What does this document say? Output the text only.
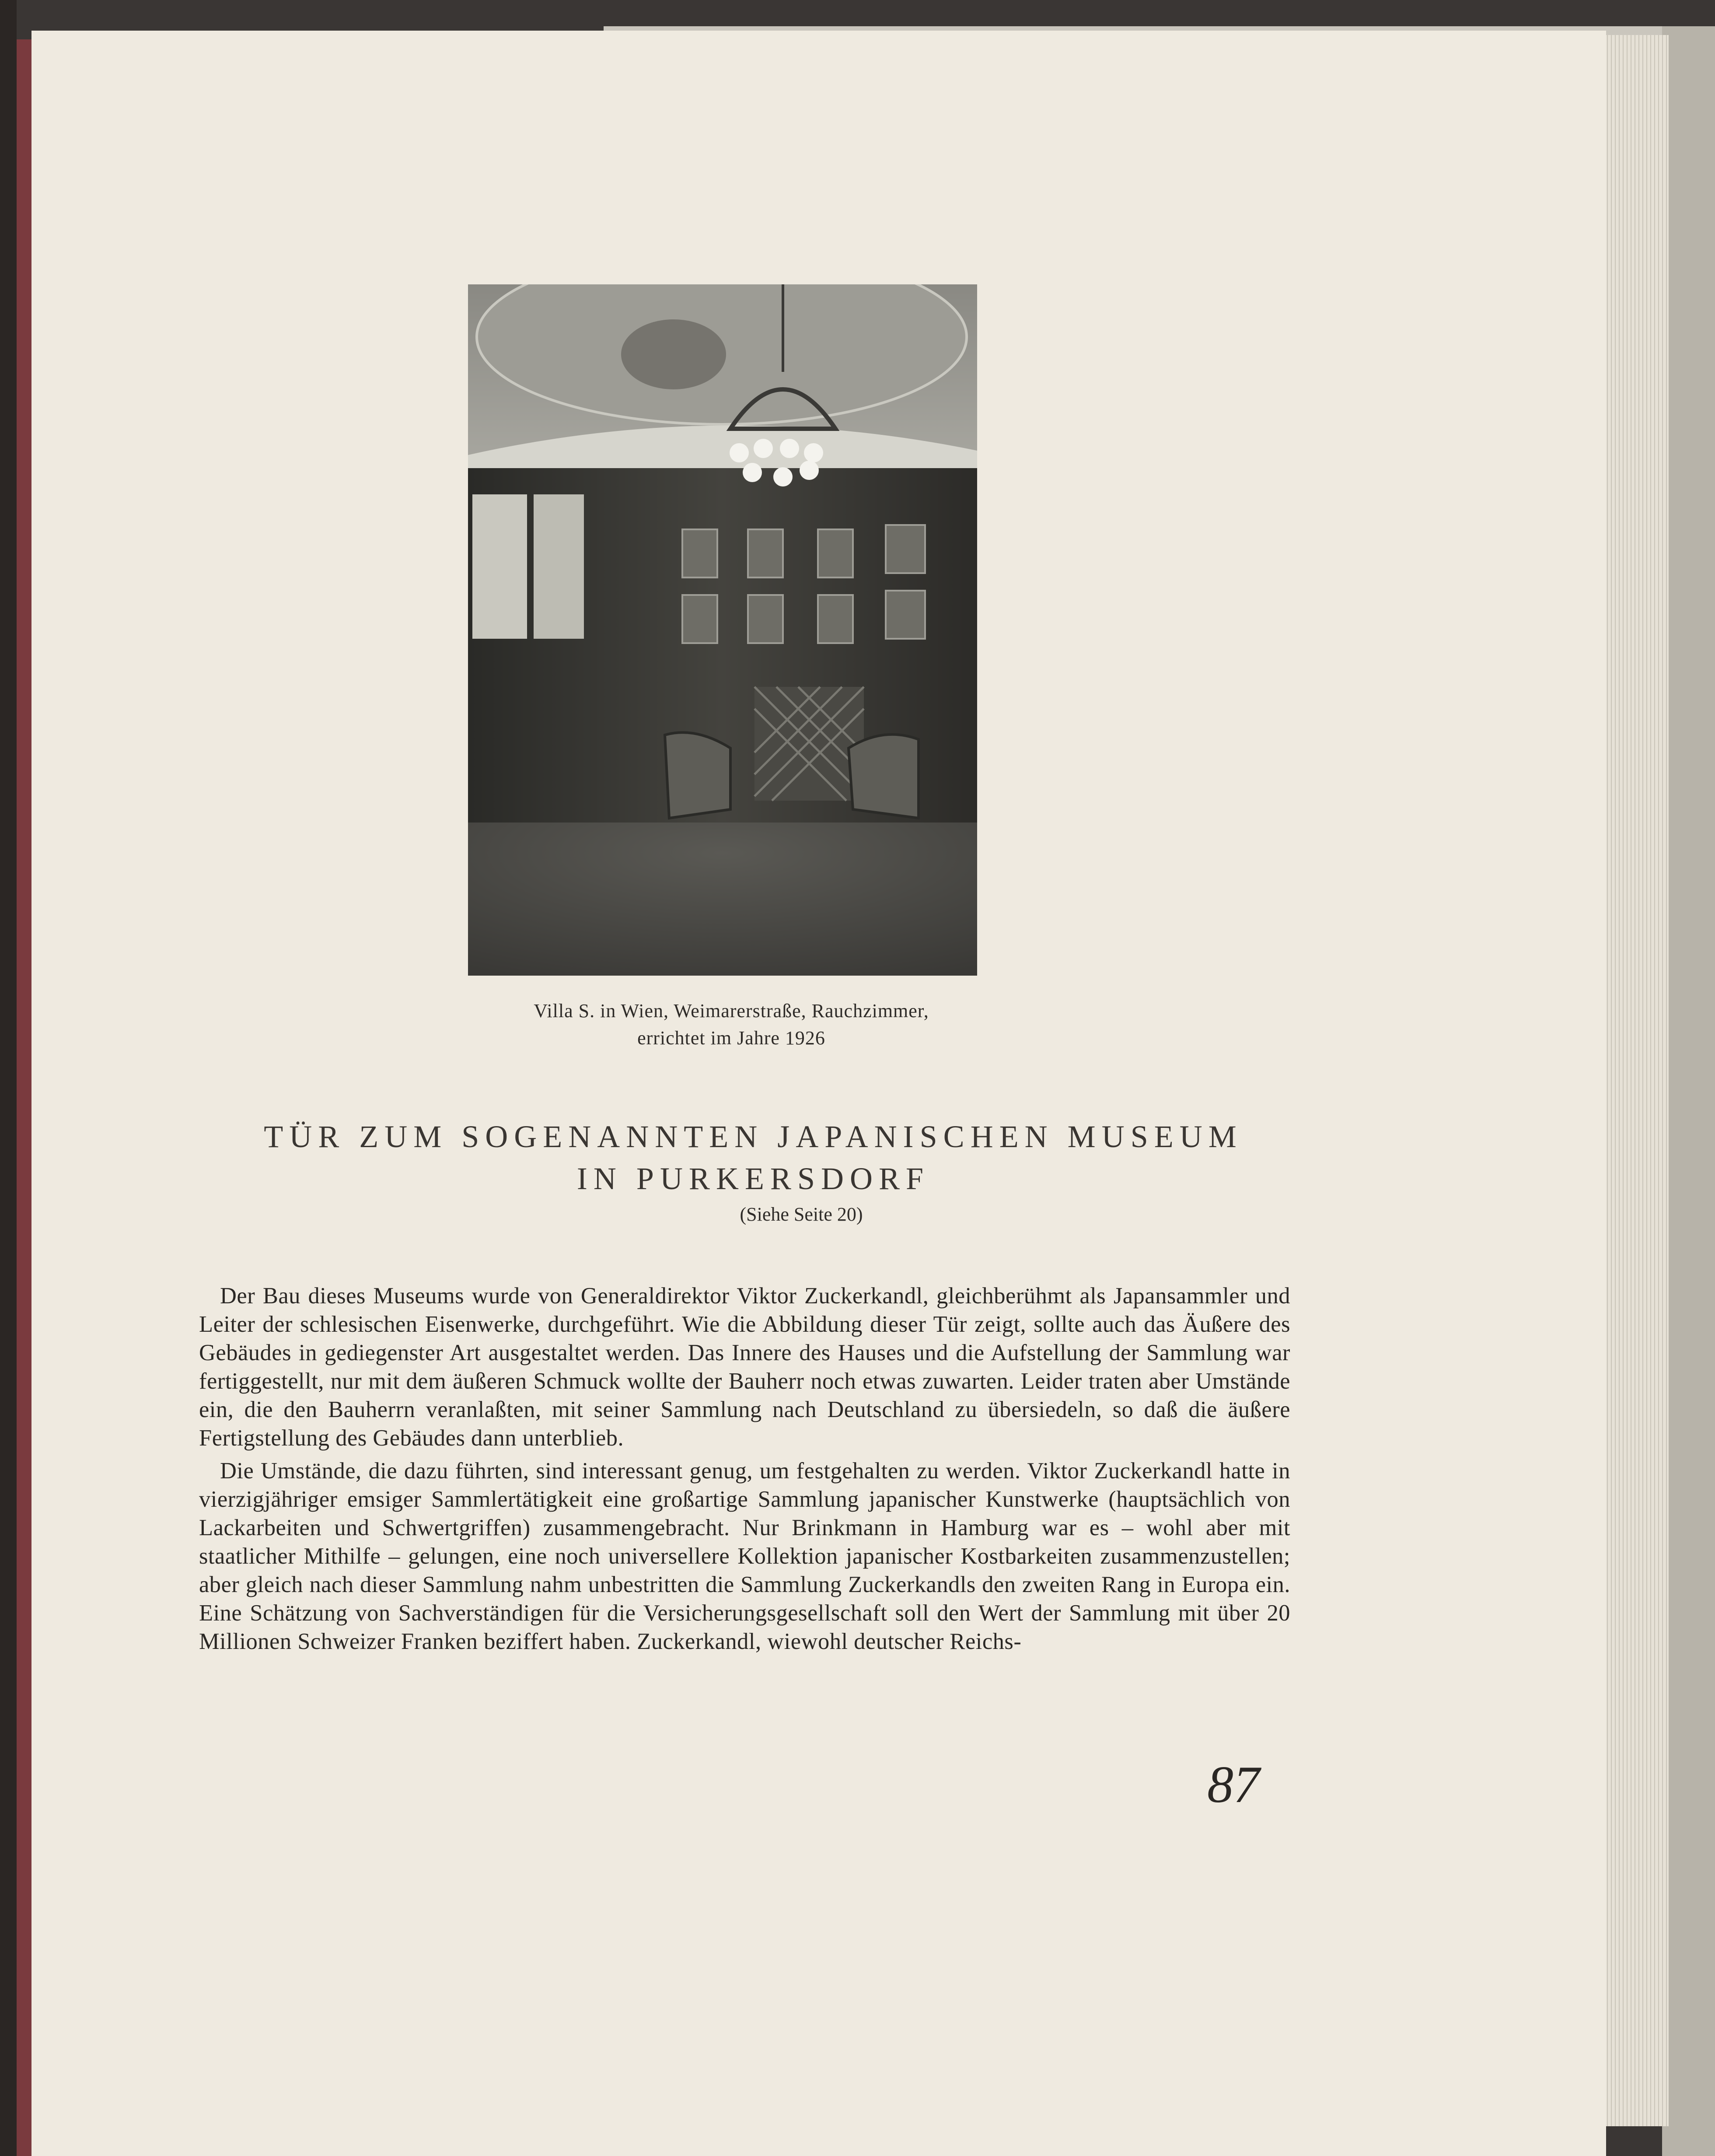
Villa S. in Wien, Weimarerstraße, Rauchzimmer,
errichtet im Jahre 1926
TÜR ZUM SOGENANNTEN JAPANISCHEN MUSEUM
IN PURKERSDORF
(Siehe Seite 20)

Der Bau dieses Museums wurde von Generaldirektor Viktor Zuckerkandl, gleichberühmt als Japansammler und Leiter der schlesischen Eisenwerke, durchgeführt. Wie die Abbildung dieser Tür zeigt, sollte auch das Äußere des Gebäudes in gediegenster Art ausgestaltet werden. Das Innere des Hauses und die Aufstellung der Sammlung war fertiggestellt, nur mit dem äußeren Schmuck wollte der Bauherr noch etwas zuwarten. Leider traten aber Umstände ein, die den Bauherrn veranlaßten, mit seiner Sammlung nach Deutschland zu übersiedeln, so daß die äußere Fertigstellung des Gebäudes dann unterblieb.

Die Umstände, die dazu führten, sind interessant genug, um festgehalten zu werden. Viktor Zuckerkandl hatte in vierzigjähriger emsiger Sammlertätigkeit eine großartige Sammlung japanischer Kunstwerke (hauptsächlich von Lackarbeiten und Schwertgriffen) zusammengebracht. Nur Brinkmann in Hamburg war es – wohl aber mit staatlicher Mithilfe – gelungen, eine noch universellere Kollektion japanischer Kostbarkeiten zusammenzustellen; aber gleich nach dieser Sammlung nahm unbestritten die Sammlung Zuckerkandls den zweiten Rang in Europa ein. Eine Schätzung von Sachverständigen für die Versicherungsgesellschaft soll den Wert der Sammlung mit über 20 Millionen Schweizer Franken beziffert haben. Zuckerkandl, wiewohl deutscher Reichs-

87
